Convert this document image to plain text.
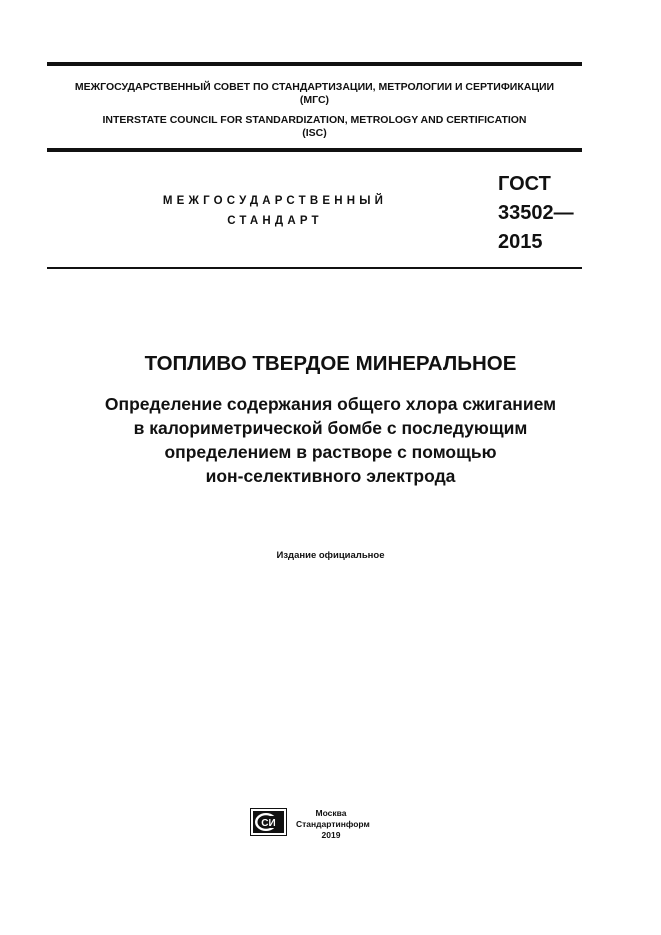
МЕЖГОСУДАРСТВЕННЫЙ СОВЕТ ПО СТАНДАРТИЗАЦИИ, МЕТРОЛОГИИ И СЕРТИФИКАЦИИ
(МГС)
INTERSTATE COUNCIL FOR STANDARDIZATION, METROLOGY AND CERTIFICATION
(ISC)
МЕЖГОСУДАРСТВЕННЫЙ
СТАНДАРТ
ГОСТ
33502—
2015
ТОПЛИВО ТВЕРДОЕ МИНЕРАЛЬНОЕ
Определение содержания общего хлора сжиганием
в калориметрической бомбе с последующим
определением в растворе с помощью
ион-селективного электрода
Издание официальное
СИ
Москва
Стандартинформ
2019
